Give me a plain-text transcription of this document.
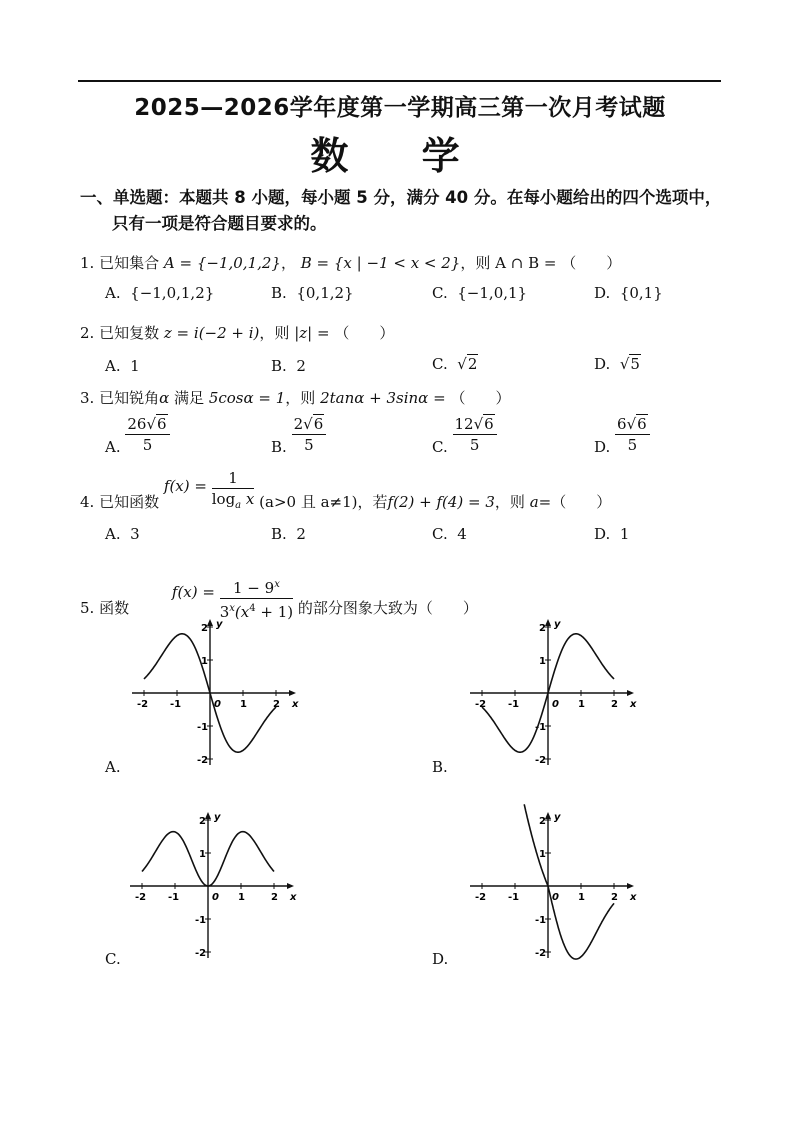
2025—2026学年度第一学期高三第一次月考试题
数 学
一、单选题：本题共 8 小题，每小题 5 分，满分 40 分。在每小题给出的四个选项中，
只有一项是符合题目要求的。
1. 已知集合 A = {−1,0,1,2}， B = {x | −1 < x < 2}，则 A ∩ B = （　　）
A. {−1,0,1,2}	B. {0,1,2}	C. {−1,0,1}	D. {0,1}
2. 已知复数 z = i(−2 + i)，则 |z| = （　　）
A. 1	B. 2	C. √2	D. √5
3. 已知锐角α 满足 5cosα = 1，则 2tanα + 3sinα = （　　）
A. $\frac{26√6}{5}$	B. $\frac{2√6}{5}$	C. $\frac{12√6}{5}$	D. $\frac{6√6}{5}$
4. 已知函数 $f(x) = \frac{1}{\log_a x} (a>0$ 且 a≠1)，若f(2) + f(4) = 3，则 a=（　　）
A. 3	B. 2	C. 4	D. 1
5. 函数 $f(x) = \frac{1 - 9^x}{3^x(x^4 + 1)}$ 的部分图象大致为（　　）
-2 -1	1	2
2
1
-1
-2
0
y
x	-2 -1	1	2
2
1
-1
-2
0
y
x
-2 -1	1	2
2
1
-1
-2
0
y
x	-2 -1	1	2
2
1
-1
-2
0
y
x
A.	B.
C.	D.
